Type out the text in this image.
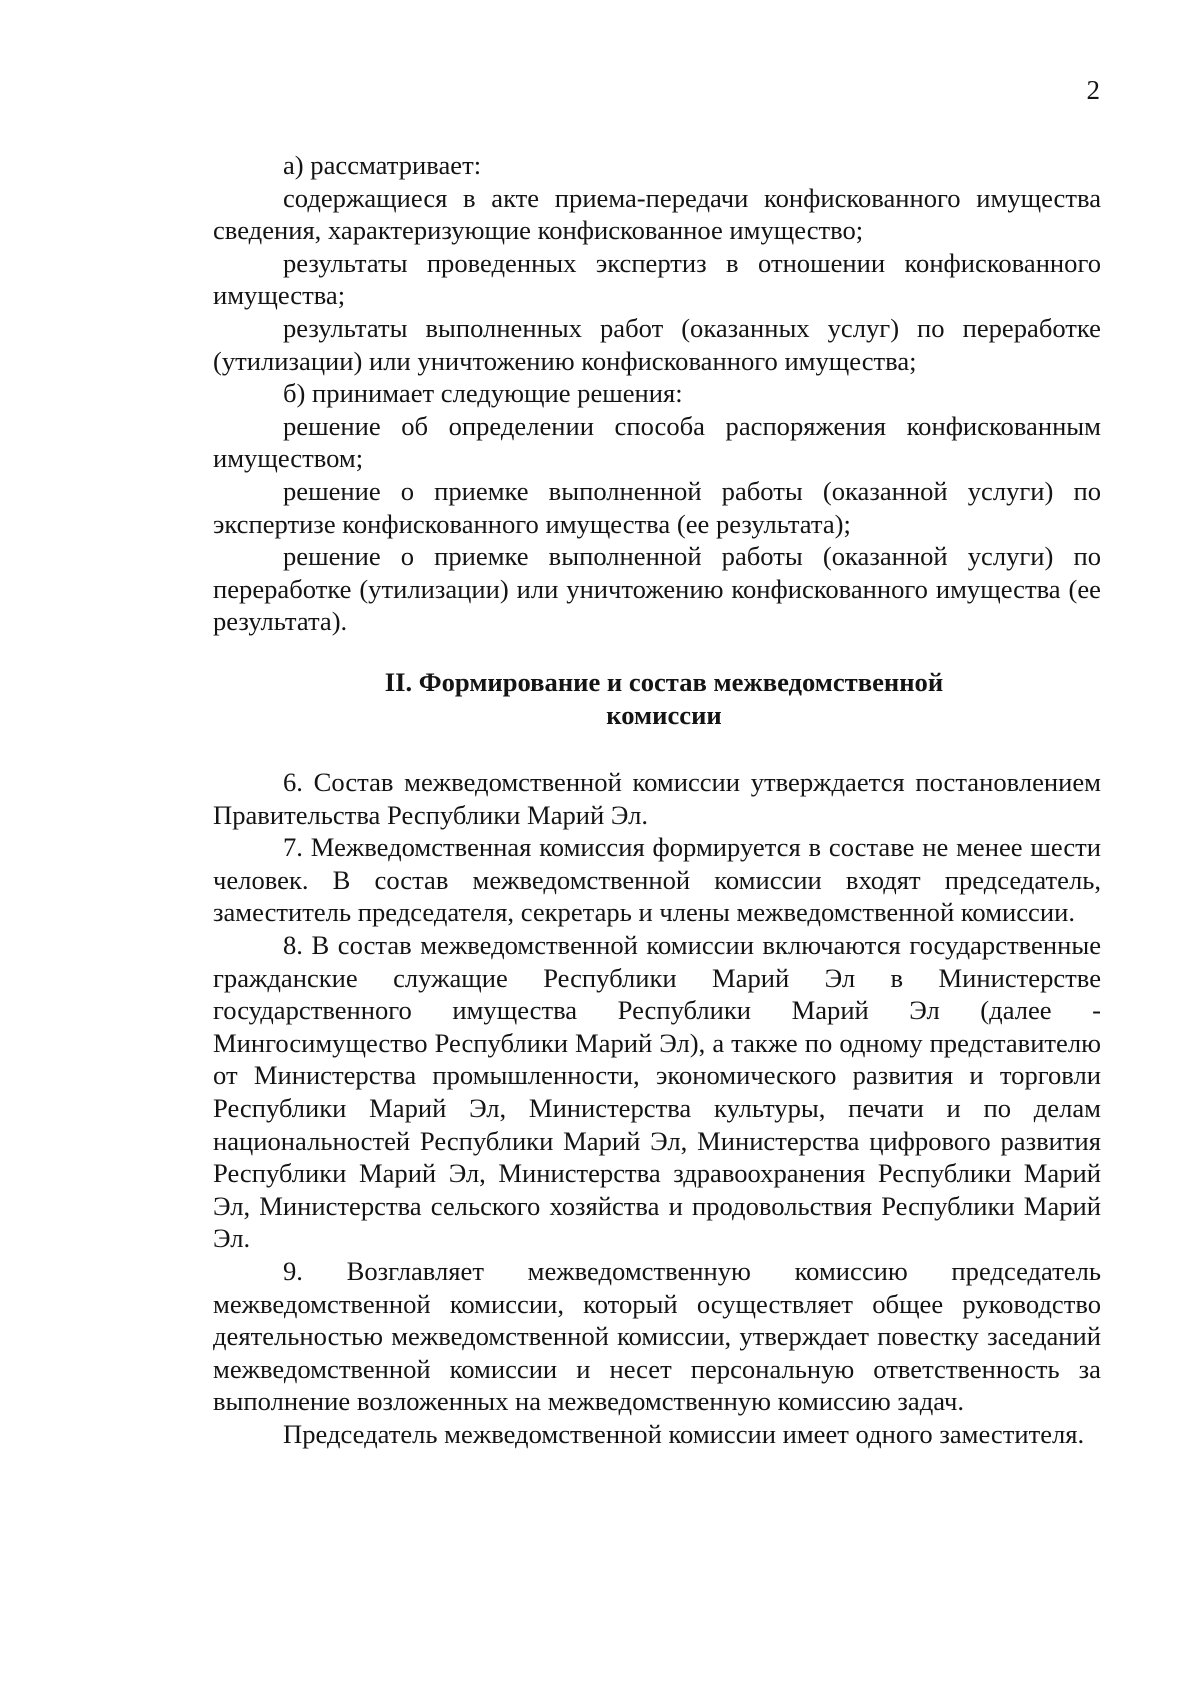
2

а) рассматривает:

содержащиеся в акте приема-передачи конфискованного имущества сведения, характеризующие конфискованное имущество;

результаты проведенных экспертиз в отношении конфискованного имущества;

результаты выполненных работ (оказанных услуг) по переработке (утилизации) или уничтожению конфискованного имущества;

б) принимает следующие решения:

решение об определении способа распоряжения конфискованным имуществом;

решение о приемке выполненной работы (оказанной услуги) по экспертизе конфискованного имущества (ее результата);

решение о приемке выполненной работы (оказанной услуги) по переработке (утилизации) или уничтожению конфискованного имущества (ее результата).

II. Формирование и состав межведомственной
комиссии

6. Состав межведомственной комиссии утверждается постановлением Правительства Республики Марий Эл.

7. Межведомственная комиссия формируется в составе не менее шести человек. В состав межведомственной комиссии входят председатель, заместитель председателя, секретарь и члены межведомственной комиссии.

8. В состав межведомственной комиссии включаются государственные гражданские служащие Республики Марий Эл в Министерстве государственного имущества Республики Марий Эл (далее - Мингосимущество Республики Марий Эл), а также по одному представителю от Министерства промышленности, экономического развития и торговли Республики Марий Эл, Министерства культуры, печати и по делам национальностей Республики Марий Эл, Министерства цифрового развития Республики Марий Эл, Министерства здравоохранения Республики Марий Эл, Министерства сельского хозяйства и продовольствия Республики Марий Эл.

9. Возглавляет межведомственную комиссию председатель межведомственной комиссии, который осуществляет общее руководство деятельностью межведомственной комиссии, утверждает повестку заседаний межведомственной комиссии и несет персональную ответственность за выполнение возложенных на межведомственную комиссию задач.

Председатель межведомственной комиссии имеет одного заместителя.
